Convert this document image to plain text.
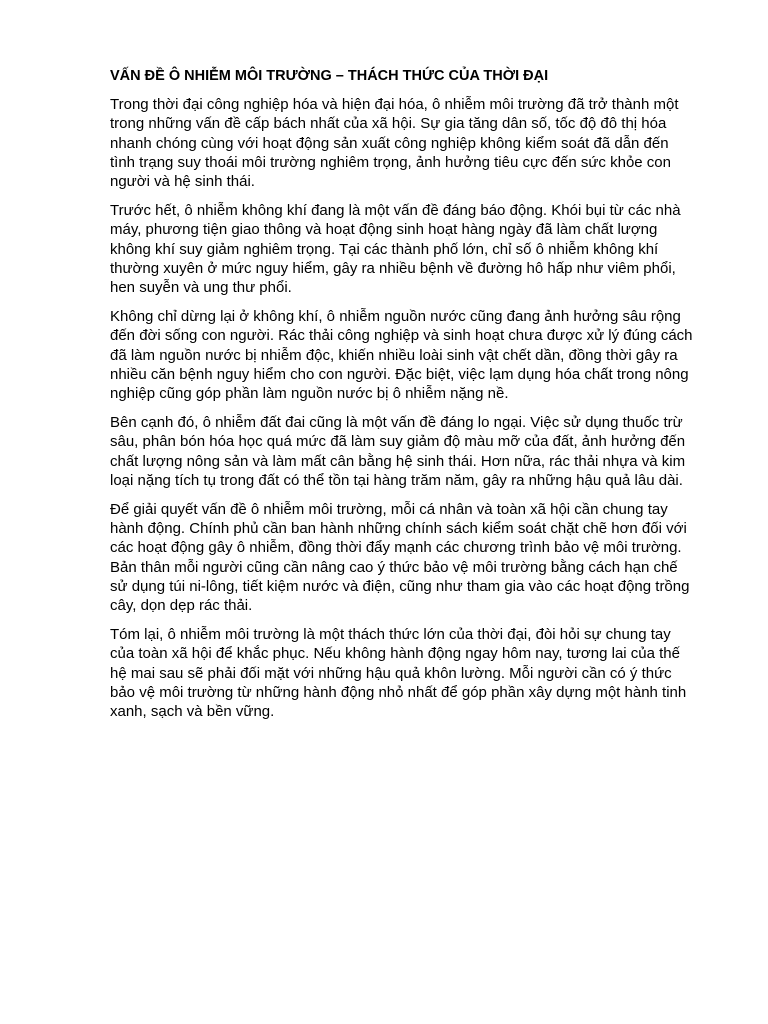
VẤN ĐỀ Ô NHIỄM MÔI TRƯỜNG – THÁCH THỨC CỦA THỜI ĐẠI

Trong thời đại công nghiệp hóa và hiện đại hóa, ô nhiễm môi trường đã trở thành một trong những vấn đề cấp bách nhất của xã hội. Sự gia tăng dân số, tốc độ đô thị hóa nhanh chóng cùng với hoạt động sản xuất công nghiệp không kiểm soát đã dẫn đến tình trạng suy thoái môi trường nghiêm trọng, ảnh hưởng tiêu cực đến sức khỏe con người và hệ sinh thái.

Trước hết, ô nhiễm không khí đang là một vấn đề đáng báo động. Khói bụi từ các nhà máy, phương tiện giao thông và hoạt động sinh hoạt hàng ngày đã làm chất lượng không khí suy giảm nghiêm trọng. Tại các thành phố lớn, chỉ số ô nhiễm không khí thường xuyên ở mức nguy hiểm, gây ra nhiều bệnh về đường hô hấp như viêm phổi, hen suyễn và ung thư phổi.

Không chỉ dừng lại ở không khí, ô nhiễm nguồn nước cũng đang ảnh hưởng sâu rộng đến đời sống con người. Rác thải công nghiệp và sinh hoạt chưa được xử lý đúng cách đã làm nguồn nước bị nhiễm độc, khiến nhiều loài sinh vật chết dần, đồng thời gây ra nhiều căn bệnh nguy hiểm cho con người. Đặc biệt, việc lạm dụng hóa chất trong nông nghiệp cũng góp phần làm nguồn nước bị ô nhiễm nặng nề.

Bên cạnh đó, ô nhiễm đất đai cũng là một vấn đề đáng lo ngại. Việc sử dụng thuốc trừ sâu, phân bón hóa học quá mức đã làm suy giảm độ màu mỡ của đất, ảnh hưởng đến chất lượng nông sản và làm mất cân bằng hệ sinh thái. Hơn nữa, rác thải nhựa và kim loại nặng tích tụ trong đất có thể tồn tại hàng trăm năm, gây ra những hậu quả lâu dài.

Để giải quyết vấn đề ô nhiễm môi trường, mỗi cá nhân và toàn xã hội cần chung tay hành động. Chính phủ cần ban hành những chính sách kiểm soát chặt chẽ hơn đối với các hoạt động gây ô nhiễm, đồng thời đẩy mạnh các chương trình bảo vệ môi trường. Bản thân mỗi người cũng cần nâng cao ý thức bảo vệ môi trường bằng cách hạn chế sử dụng túi ni-lông, tiết kiệm nước và điện, cũng như tham gia vào các hoạt động trồng cây, dọn dẹp rác thải.

Tóm lại, ô nhiễm môi trường là một thách thức lớn của thời đại, đòi hỏi sự chung tay của toàn xã hội để khắc phục. Nếu không hành động ngay hôm nay, tương lai của thế hệ mai sau sẽ phải đối mặt với những hậu quả khôn lường. Mỗi người cần có ý thức bảo vệ môi trường từ những hành động nhỏ nhất để góp phần xây dựng một hành tinh xanh, sạch và bền vững.
